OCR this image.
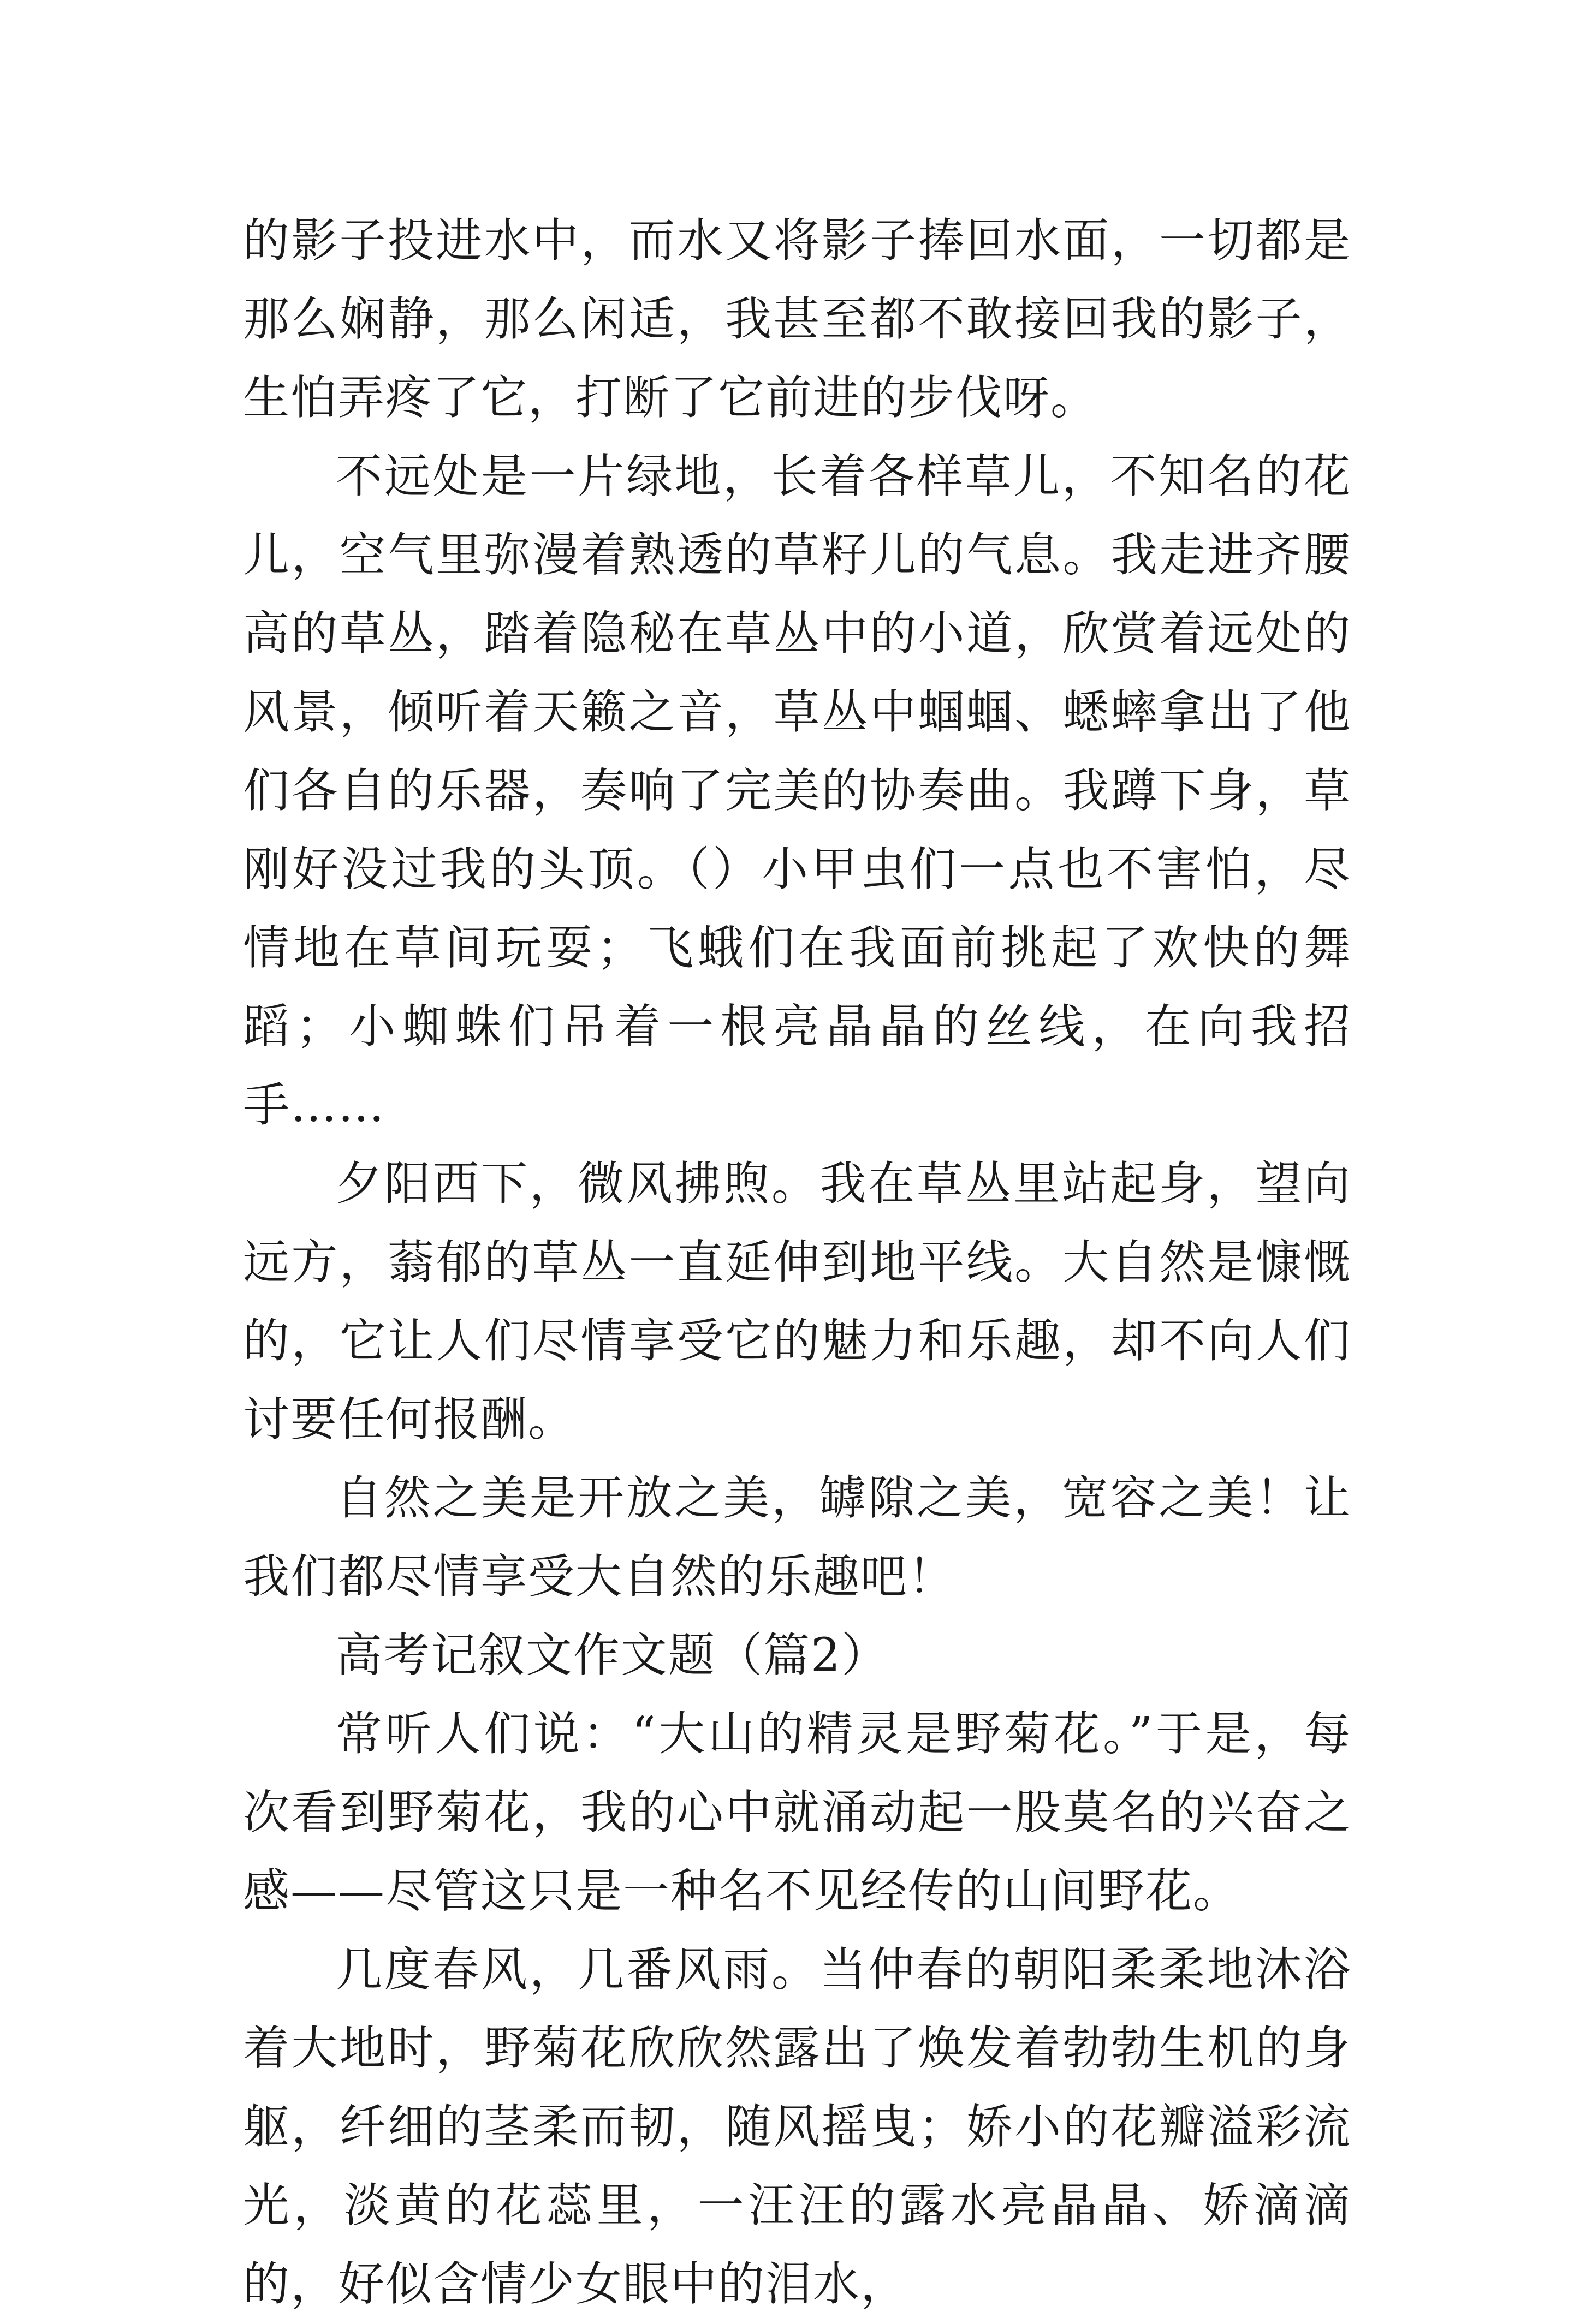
的影子投进水中，而水又将影子捧回水面，一切都是那么娴静，那么闲适，我甚至都不敢接回我的影子，生怕弄疼了它，打断了它前进的步伐呀。

不远处是一片绿地，长着各样草儿，不知名的花儿，空气里弥漫着熟透的草籽儿的气息。我走进齐腰高的草丛，踏着隐秘在草丛中的小道，欣赏着远处的风景，倾听着天籁之音，草丛中蝈蝈、蟋蟀拿出了他们各自的乐器，奏响了完美的协奏曲。我蹲下身，草刚好没过我的头顶。（）小甲虫们一点也不害怕，尽情地在草间玩耍；飞蛾们在我面前挑起了欢快的舞蹈；小蜘蛛们吊着一根亮晶晶的丝线，在向我招手……

夕阳西下，微风拂煦。我在草丛里站起身，望向远方，蓊郁的草丛一直延伸到地平线。大自然是慷慨的，它让人们尽情享受它的魅力和乐趣，却不向人们讨要任何报酬。

自然之美是开放之美，罅隙之美，宽容之美！让我们都尽情享受大自然的乐趣吧！

高考记叙文作文题（篇2）

常听人们说：“大山的精灵是野菊花。”于是，每次看到野菊花，我的心中就涌动起一股莫名的兴奋之感——尽管这只是一种名不见经传的山间野花。

几度春风，几番风雨。当仲春的朝阳柔柔地沐浴着大地时，野菊花欣欣然露出了焕发着勃勃生机的身躯，纤细的茎柔而韧，随风摇曳；娇小的花瓣溢彩流光，淡黄的花蕊里，一汪汪的露水亮晶晶、娇滴滴的，好似含情少女眼中的泪水，
